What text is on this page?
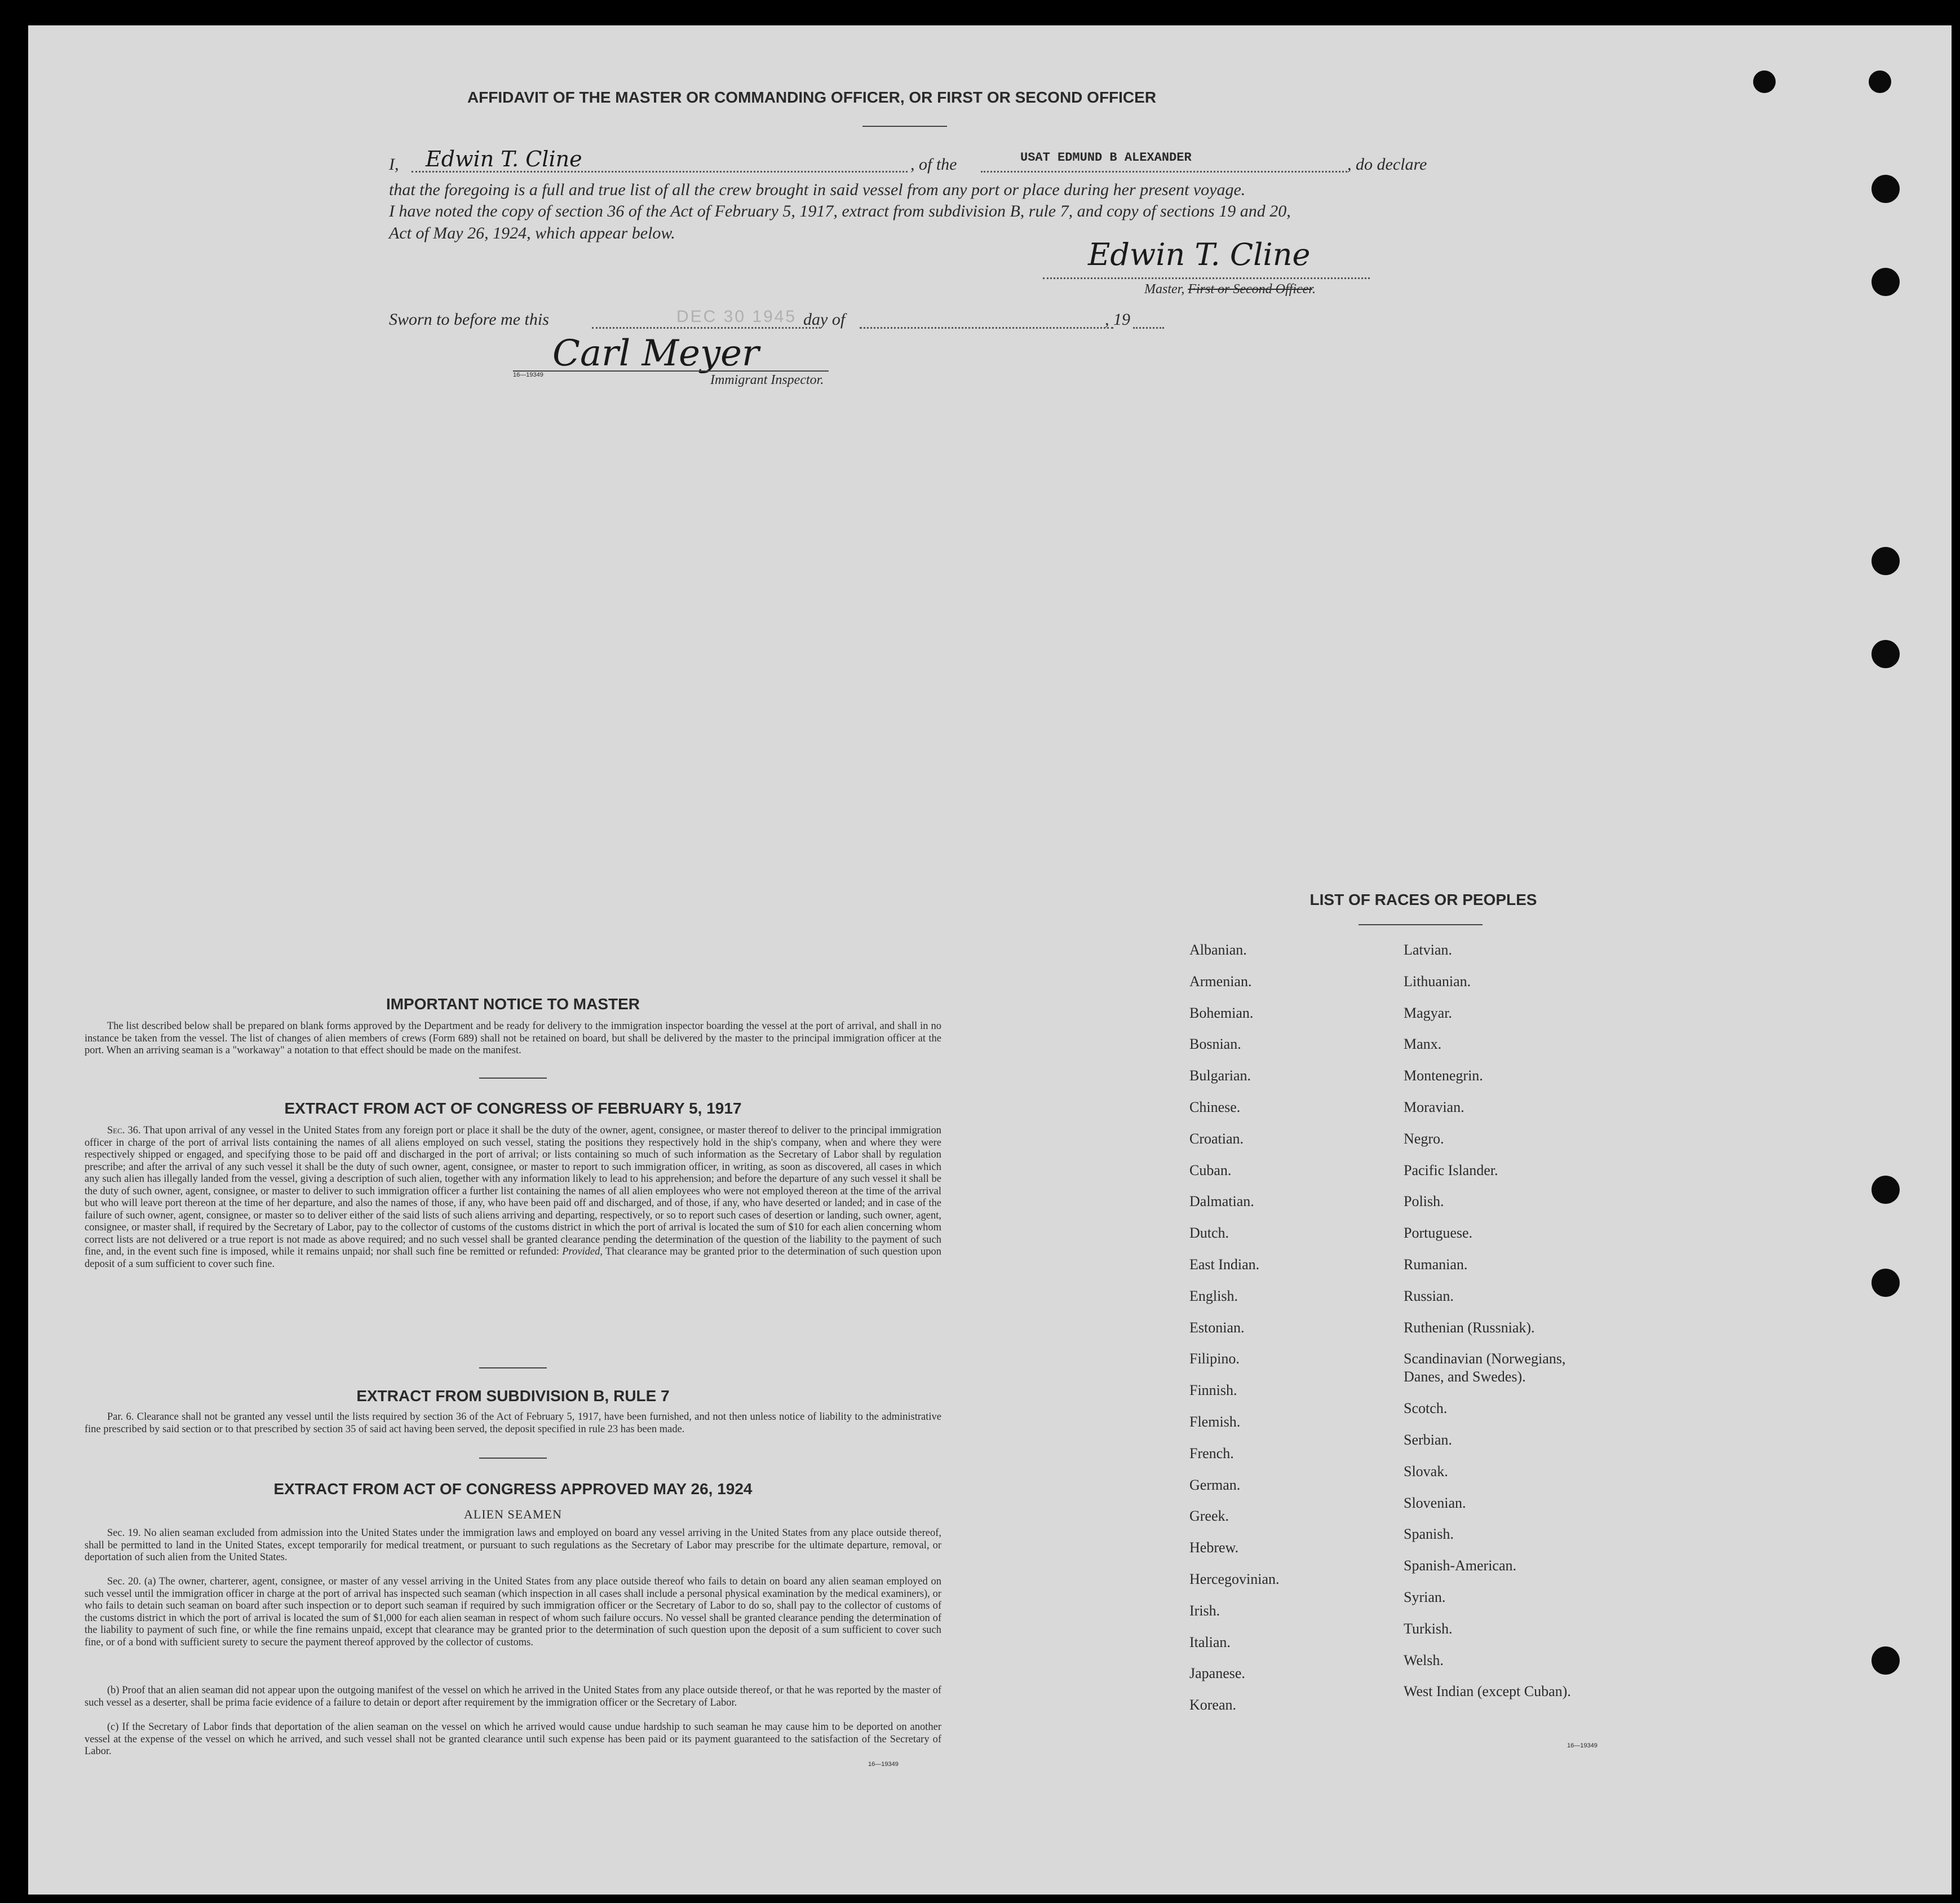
AFFIDAVIT OF THE MASTER OR COMMANDING OFFICER, OR FIRST OR SECOND OFFICER
I, Edwin T. Cline	, of the	USAT EDMUND B ALEXANDER	, do declare
that the foregoing is a full and true list of all the crew brought in said vessel from any port or place during her present voyage.
I have noted the copy of section 36 of the Act of February 5, 1917, extract from subdivision B, rule 7, and copy of sections 19 and 20,
Act of May 26, 1924, which appear below.
Edwin T. Cline
Master, First or Second Officer.
Sworn to before me this	DEC 30 1945 day of	, 19
Carl Meyer
16—19349	Immigrant Inspector.
IMPORTANT NOTICE TO MASTER
The list described below shall be prepared on blank forms approved by the Department and be ready for delivery to the immigration inspector boarding the vessel at the port of arrival, and shall in no instance be taken from the vessel. The list of changes of alien members of crews (Form 689) shall not be retained on board, but shall be delivered by the master to the principal immigration officer at the port. When an arriving seaman is a "workaway" a notation to that effect should be made on the manifest.
EXTRACT FROM ACT OF CONGRESS OF FEBRUARY 5, 1917
Sec. 36. That upon arrival of any vessel in the United States from any foreign port or place it shall be the duty of the owner, agent, consignee, or master thereof to deliver to the principal immigration officer in charge of the port of arrival lists containing the names of all aliens employed on such vessel, stating the positions they respectively hold in the ship's company, when and where they were respectively shipped or engaged, and specifying those to be paid off and discharged in the port of arrival; or lists containing so much of such information as the Secretary of Labor shall by regulation prescribe; and after the arrival of any such vessel it shall be the duty of such owner, agent, consignee, or master to report to such immigration officer, in writing, as soon as discovered, all cases in which any such alien has illegally landed from the vessel, giving a description of such alien, together with any information likely to lead to his apprehension; and before the departure of any such vessel it shall be the duty of such owner, agent, consignee, or master to deliver to such immigration officer a further list containing the names of all alien employees who were not employed thereon at the time of the arrival but who will leave port thereon at the time of her departure, and also the names of those, if any, who have been paid off and discharged, and of those, if any, who have deserted or landed; and in case of the failure of such owner, agent, consignee, or master so to deliver either of the said lists of such aliens arriving and departing, respectively, or so to report such cases of desertion or landing, such owner, agent, consignee, or master shall, if required by the Secretary of Labor, pay to the collector of customs of the customs district in which the port of arrival is located the sum of $10 for each alien concerning whom correct lists are not delivered or a true report is not made as above required; and no such vessel shall be granted clearance pending the determination of the question of the liability to the payment of such fine, and, in the event such fine is imposed, while it remains unpaid; nor shall such fine be remitted or refunded: Provided, That clearance may be granted prior to the determination of such question upon deposit of a sum sufficient to cover such fine.
EXTRACT FROM SUBDIVISION B, RULE 7
Par. 6. Clearance shall not be granted any vessel until the lists required by section 36 of the Act of February 5, 1917, have been furnished, and not then unless notice of liability to the administrative fine prescribed by said section or to that prescribed by section 35 of said act having been served, the deposit specified in rule 23 has been made.
EXTRACT FROM ACT OF CONGRESS APPROVED MAY 26, 1924
ALIEN SEAMEN
Sec. 19. No alien seaman excluded from admission into the United States under the immigration laws and employed on board any vessel arriving in the United States from any place outside thereof, shall be permitted to land in the United States, except temporarily for medical treatment, or pursuant to such regulations as the Secretary of Labor may prescribe for the ultimate departure, removal, or deportation of such alien from the United States.
Sec. 20. (a) The owner, charterer, agent, consignee, or master of any vessel arriving in the United States from any place outside thereof who fails to detain on board any alien seaman employed on such vessel until the immigration officer in charge at the port of arrival has inspected such seaman (which inspection in all cases shall include a personal physical examination by the medical examiners), or who fails to detain such seaman on board after such inspection or to deport such seaman if required by such immigration officer or the Secretary of Labor to do so, shall pay to the collector of customs of the customs district in which the port of arrival is located the sum of $1,000 for each alien seaman in respect of whom such failure occurs. No vessel shall be granted clearance pending the determination of the liability to payment of such fine, or while the fine remains unpaid, except that clearance may be granted prior to the determination of such question upon the deposit of a sum sufficient to cover such fine, or of a bond with sufficient surety to secure the payment thereof approved by the collector of customs.
(b) Proof that an alien seaman did not appear upon the outgoing manifest of the vessel on which he arrived in the United States from any place outside thereof, or that he was reported by the master of such vessel as a deserter, shall be prima facie evidence of a failure to detain or deport after requirement by the immigration officer or the Secretary of Labor.
(c) If the Secretary of Labor finds that deportation of the alien seaman on the vessel on which he arrived would cause undue hardship to such seaman he may cause him to be deported on another vessel at the expense of the vessel on which he arrived, and such vessel shall not be granted clearance until such expense has been paid or its payment guaranteed to the satisfaction of the Secretary of Labor.
16—19349
LIST OF RACES OR PEOPLES
16—19349
Albanian.
Armenian.
Bohemian.
Bosnian.
Bulgarian.
Chinese.
Croatian.
Cuban.
Dalmatian.
Dutch.
East Indian.
English.
Estonian.
Filipino.
Finnish.
Flemish.
French.
German.
Greek.
Hebrew.
Hercegovinian.
Irish.
Italian.
Japanese.
Korean.
Latvian.
Lithuanian.
Magyar.
Manx.
Montenegrin.
Moravian.
Negro.
Pacific Islander.
Polish.
Portuguese.
Rumanian.
Russian.
Ruthenian (Russniak).
Scandinavian (Norwegians,
Danes, and Swedes).
Scotch.
Serbian.
Slovak.
Slovenian.
Spanish.
Spanish-American.
Syrian.
Turkish.
Welsh.
West Indian (except Cuban).
